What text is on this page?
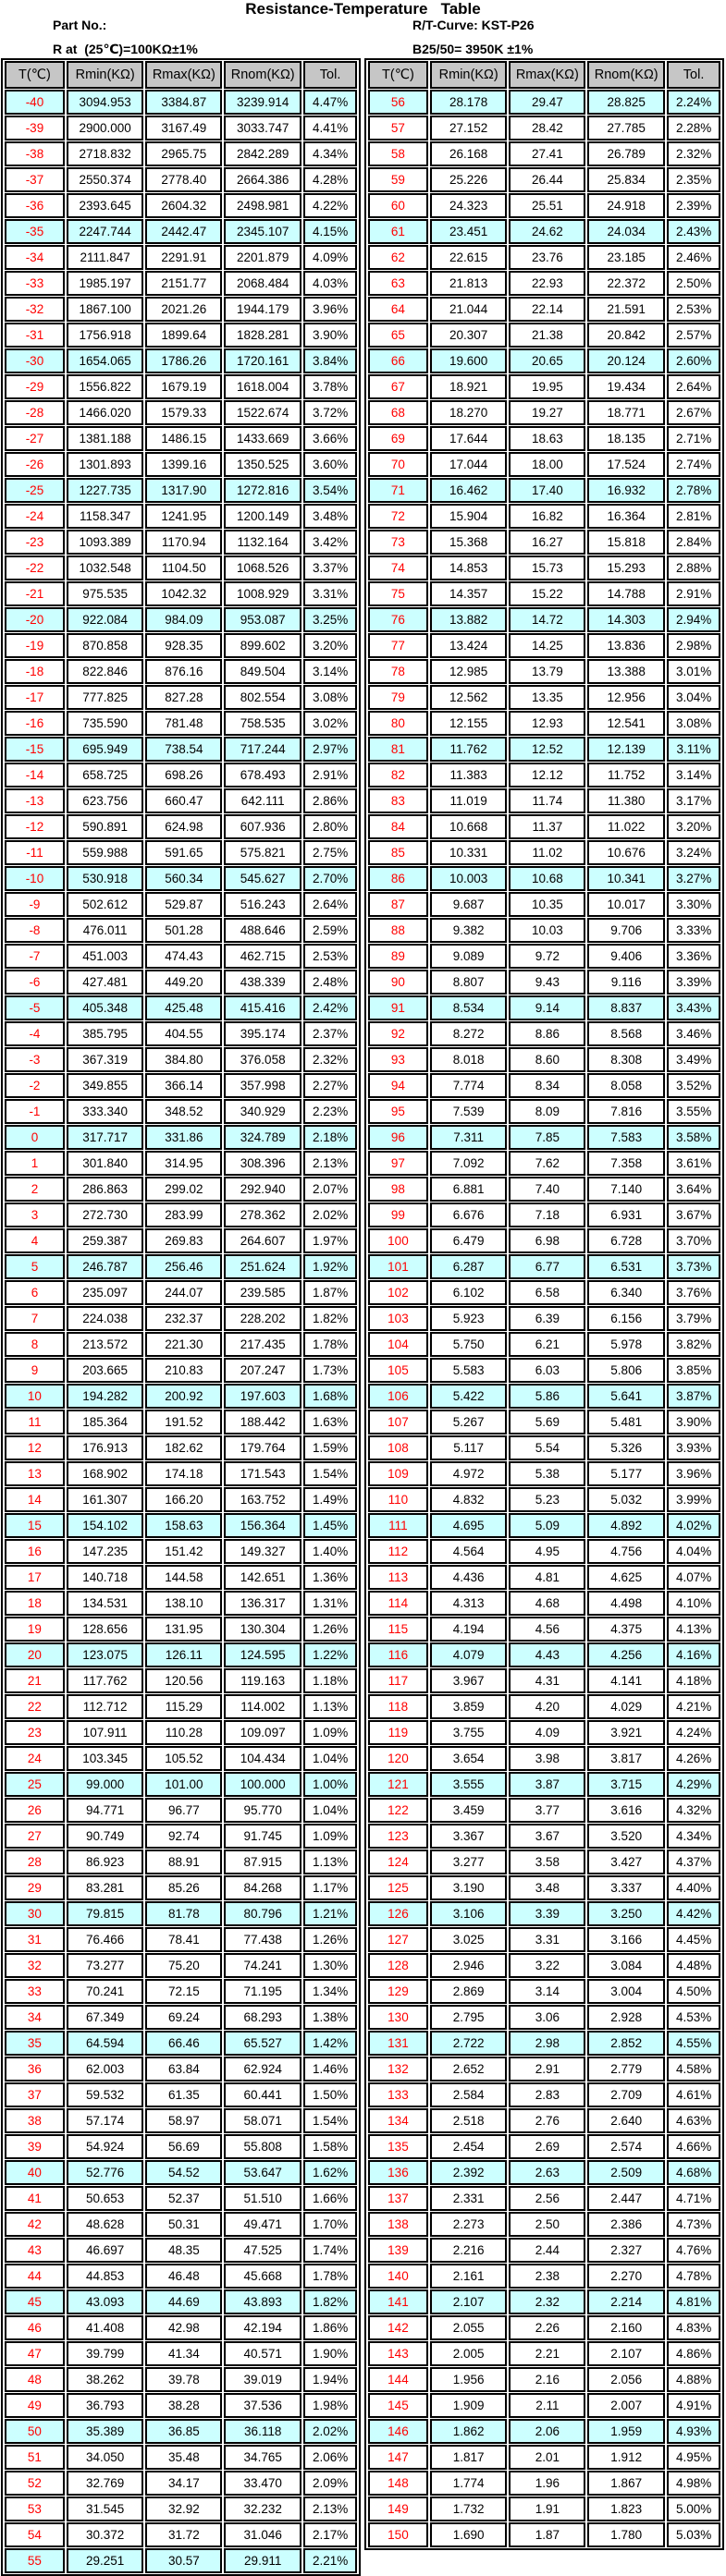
Resistance-Temperature   Table
Part No.:	R/T-Curve: KST-P26
R at  (25℃)=100KΩ±1%	B25/50= 3950K ±1%
T(℃)	Rmin(KΩ)	Rmax(KΩ)	Rnom(KΩ)	Tol.
-40	3094.953	3384.87	3239.914	4.47%
-39	2900.000	3167.49	3033.747	4.41%
-38	2718.832	2965.75	2842.289	4.34%
-37	2550.374	2778.40	2664.386	4.28%
-36	2393.645	2604.32	2498.981	4.22%
-35	2247.744	2442.47	2345.107	4.15%
-34	2111.847	2291.91	2201.879	4.09%
-33	1985.197	2151.77	2068.484	4.03%
-32	1867.100	2021.26	1944.179	3.96%
-31	1756.918	1899.64	1828.281	3.90%
-30	1654.065	1786.26	1720.161	3.84%
-29	1556.822	1679.19	1618.004	3.78%
-28	1466.020	1579.33	1522.674	3.72%
-27	1381.188	1486.15	1433.669	3.66%
-26	1301.893	1399.16	1350.525	3.60%
-25	1227.735	1317.90	1272.816	3.54%
-24	1158.347	1241.95	1200.149	3.48%
-23	1093.389	1170.94	1132.164	3.42%
-22	1032.548	1104.50	1068.526	3.37%
-21	975.535	1042.32	1008.929	3.31%
-20	922.084	984.09	953.087	3.25%
-19	870.858	928.35	899.602	3.20%
-18	822.846	876.16	849.504	3.14%
-17	777.825	827.28	802.554	3.08%
-16	735.590	781.48	758.535	3.02%
-15	695.949	738.54	717.244	2.97%
-14	658.725	698.26	678.493	2.91%
-13	623.756	660.47	642.111	2.86%
-12	590.891	624.98	607.936	2.80%
-11	559.988	591.65	575.821	2.75%
-10	530.918	560.34	545.627	2.70%
-9	502.612	529.87	516.243	2.64%
-8	476.011	501.28	488.646	2.59%
-7	451.003	474.43	462.715	2.53%
-6	427.481	449.20	438.339	2.48%
-5	405.348	425.48	415.416	2.42%
-4	385.795	404.55	395.174	2.37%
-3	367.319	384.80	376.058	2.32%
-2	349.855	366.14	357.998	2.27%
-1	333.340	348.52	340.929	2.23%
0	317.717	331.86	324.789	2.18%
1	301.840	314.95	308.396	2.13%
2	286.863	299.02	292.940	2.07%
3	272.730	283.99	278.362	2.02%
4	259.387	269.83	264.607	1.97%
5	246.787	256.46	251.624	1.92%
6	235.097	244.07	239.585	1.87%
7	224.038	232.37	228.202	1.82%
8	213.572	221.30	217.435	1.78%
9	203.665	210.83	207.247	1.73%
10	194.282	200.92	197.603	1.68%
11	185.364	191.52	188.442	1.63%
12	176.913	182.62	179.764	1.59%
13	168.902	174.18	171.543	1.54%
14	161.307	166.20	163.752	1.49%
15	154.102	158.63	156.364	1.45%
16	147.235	151.42	149.327	1.40%
17	140.718	144.58	142.651	1.36%
18	134.531	138.10	136.317	1.31%
19	128.656	131.95	130.304	1.26%
20	123.075	126.11	124.595	1.22%
21	117.762	120.56	119.163	1.18%
22	112.712	115.29	114.002	1.13%
23	107.911	110.28	109.097	1.09%
24	103.345	105.52	104.434	1.04%
25	99.000	101.00	100.000	1.00%
26	94.771	96.77	95.770	1.04%
27	90.749	92.74	91.745	1.09%
28	86.923	88.91	87.915	1.13%
29	83.281	85.26	84.268	1.17%
30	79.815	81.78	80.796	1.21%
31	76.466	78.41	77.438	1.26%
32	73.277	75.20	74.241	1.30%
33	70.241	72.15	71.195	1.34%
34	67.349	69.24	68.293	1.38%
35	64.594	66.46	65.527	1.42%
36	62.003	63.84	62.924	1.46%
37	59.532	61.35	60.441	1.50%
38	57.174	58.97	58.071	1.54%
39	54.924	56.69	55.808	1.58%
40	52.776	54.52	53.647	1.62%
41	50.653	52.37	51.510	1.66%
42	48.628	50.31	49.471	1.70%
43	46.697	48.35	47.525	1.74%
44	44.853	46.48	45.668	1.78%
45	43.093	44.69	43.893	1.82%
46	41.408	42.98	42.194	1.86%
47	39.799	41.34	40.571	1.90%
48	38.262	39.78	39.019	1.94%
49	36.793	38.28	37.536	1.98%
50	35.389	36.85	36.118	2.02%
51	34.050	35.48	34.765	2.06%
52	32.769	34.17	33.470	2.09%
53	31.545	32.92	32.232	2.13%
54	30.372	31.72	31.046	2.17%
55	29.251	30.57	29.911	2.21%
T(℃)	Rmin(KΩ)	Rmax(KΩ)	Rnom(KΩ)	Tol.
56	28.178	29.47	28.825	2.24%
57	27.152	28.42	27.785	2.28%
58	26.168	27.41	26.789	2.32%
59	25.226	26.44	25.834	2.35%
60	24.323	25.51	24.918	2.39%
61	23.451	24.62	24.034	2.43%
62	22.615	23.76	23.185	2.46%
63	21.813	22.93	22.372	2.50%
64	21.044	22.14	21.591	2.53%
65	20.307	21.38	20.842	2.57%
66	19.600	20.65	20.124	2.60%
67	18.921	19.95	19.434	2.64%
68	18.270	19.27	18.771	2.67%
69	17.644	18.63	18.135	2.71%
70	17.044	18.00	17.524	2.74%
71	16.462	17.40	16.932	2.78%
72	15.904	16.82	16.364	2.81%
73	15.368	16.27	15.818	2.84%
74	14.853	15.73	15.293	2.88%
75	14.357	15.22	14.788	2.91%
76	13.882	14.72	14.303	2.94%
77	13.424	14.25	13.836	2.98%
78	12.985	13.79	13.388	3.01%
79	12.562	13.35	12.956	3.04%
80	12.155	12.93	12.541	3.08%
81	11.762	12.52	12.139	3.11%
82	11.383	12.12	11.752	3.14%
83	11.019	11.74	11.380	3.17%
84	10.668	11.37	11.022	3.20%
85	10.331	11.02	10.676	3.24%
86	10.003	10.68	10.341	3.27%
87	9.687	10.35	10.017	3.30%
88	9.382	10.03	9.706	3.33%
89	9.089	9.72	9.406	3.36%
90	8.807	9.43	9.116	3.39%
91	8.534	9.14	8.837	3.43%
92	8.272	8.86	8.568	3.46%
93	8.018	8.60	8.308	3.49%
94	7.774	8.34	8.058	3.52%
95	7.539	8.09	7.816	3.55%
96	7.311	7.85	7.583	3.58%
97	7.092	7.62	7.358	3.61%
98	6.881	7.40	7.140	3.64%
99	6.676	7.18	6.931	3.67%
100	6.479	6.98	6.728	3.70%
101	6.287	6.77	6.531	3.73%
102	6.102	6.58	6.340	3.76%
103	5.923	6.39	6.156	3.79%
104	5.750	6.21	5.978	3.82%
105	5.583	6.03	5.806	3.85%
106	5.422	5.86	5.641	3.87%
107	5.267	5.69	5.481	3.90%
108	5.117	5.54	5.326	3.93%
109	4.972	5.38	5.177	3.96%
110	4.832	5.23	5.032	3.99%
111	4.695	5.09	4.892	4.02%
112	4.564	4.95	4.756	4.04%
113	4.436	4.81	4.625	4.07%
114	4.313	4.68	4.498	4.10%
115	4.194	4.56	4.375	4.13%
116	4.079	4.43	4.256	4.16%
117	3.967	4.31	4.141	4.18%
118	3.859	4.20	4.029	4.21%
119	3.755	4.09	3.921	4.24%
120	3.654	3.98	3.817	4.26%
121	3.555	3.87	3.715	4.29%
122	3.459	3.77	3.616	4.32%
123	3.367	3.67	3.520	4.34%
124	3.277	3.58	3.427	4.37%
125	3.190	3.48	3.337	4.40%
126	3.106	3.39	3.250	4.42%
127	3.025	3.31	3.166	4.45%
128	2.946	3.22	3.084	4.48%
129	2.869	3.14	3.004	4.50%
130	2.795	3.06	2.928	4.53%
131	2.722	2.98	2.852	4.55%
132	2.652	2.91	2.779	4.58%
133	2.584	2.83	2.709	4.61%
134	2.518	2.76	2.640	4.63%
135	2.454	2.69	2.574	4.66%
136	2.392	2.63	2.509	4.68%
137	2.331	2.56	2.447	4.71%
138	2.273	2.50	2.386	4.73%
139	2.216	2.44	2.327	4.76%
140	2.161	2.38	2.270	4.78%
141	2.107	2.32	2.214	4.81%
142	2.055	2.26	2.160	4.83%
143	2.005	2.21	2.107	4.86%
144	1.956	2.16	2.056	4.88%
145	1.909	2.11	2.007	4.91%
146	1.862	2.06	1.959	4.93%
147	1.817	2.01	1.912	4.95%
148	1.774	1.96	1.867	4.98%
149	1.732	1.91	1.823	5.00%
150	1.690	1.87	1.780	5.03%
